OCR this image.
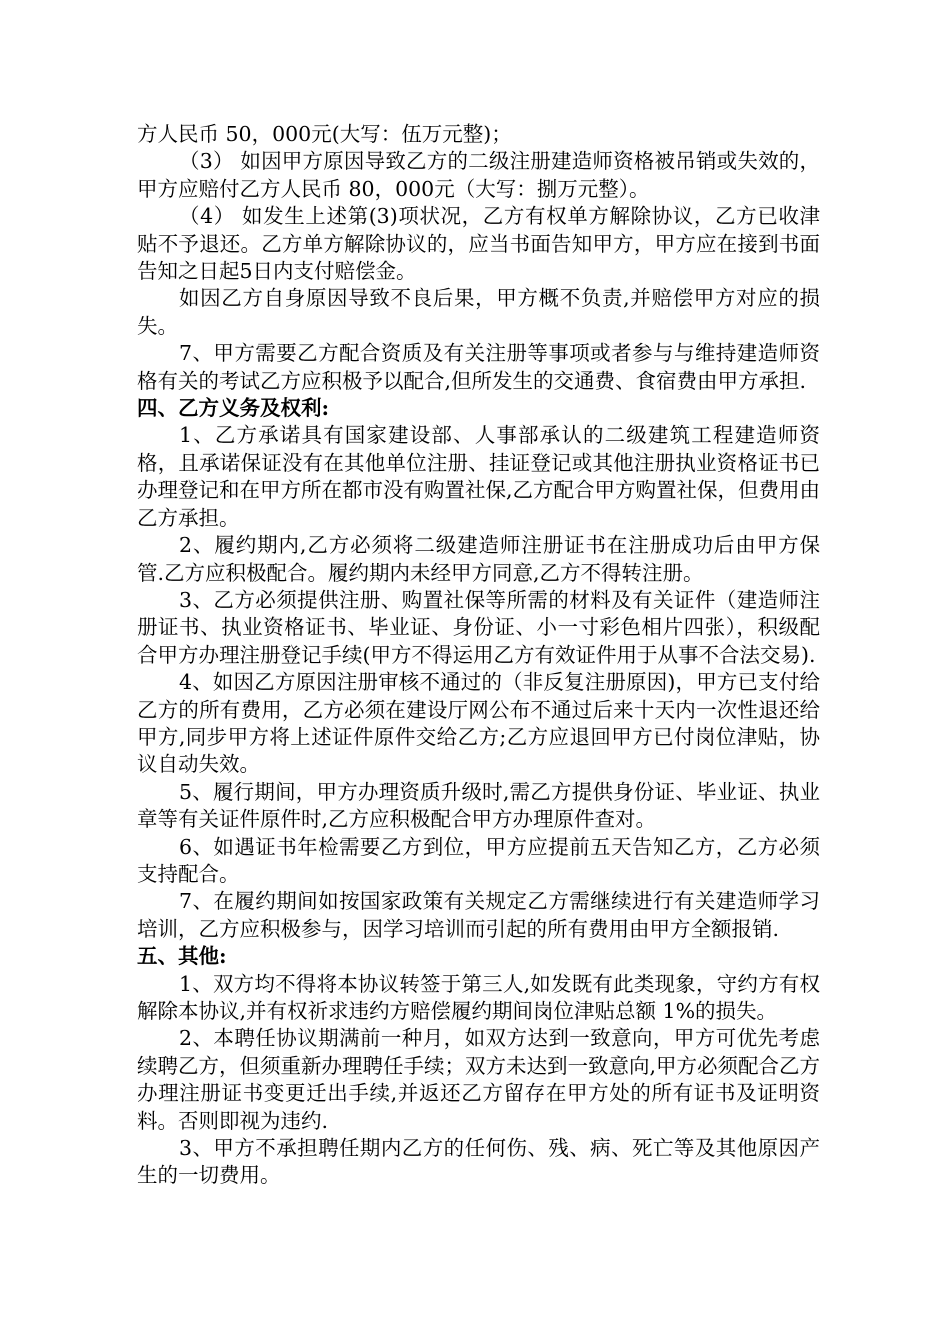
方人民币 50，000元(大写：伍万元整)；

（3） 如因甲方原因导致乙方的二级注册建造师资格被吊销或失效的，甲方应赔付乙方人民币 80，000元（大写：捌万元整）。

（4） 如发生上述第(3)项状况，乙方有权单方解除协议，乙方已收津贴不予退还。乙方单方解除协议的，应当书面告知甲方，甲方应在接到书面告知之日起5日内支付赔偿金。

如因乙方自身原因导致不良后果，甲方概不负责,并赔偿甲方对应的损失。

7、甲方需要乙方配合资质及有关注册等事项或者参与与维持建造师资格有关的考试乙方应积极予以配合,但所发生的交通费、食宿费由甲方承担.

四、乙方义务及权利:

1、乙方承诺具有国家建设部、人事部承认的二级建筑工程建造师资格，且承诺保证没有在其他单位注册、挂证登记或其他注册执业资格证书已办理登记和在甲方所在都市没有购置社保,乙方配合甲方购置社保，但费用由乙方承担。

2、履约期内,乙方必须将二级建造师注册证书在注册成功后由甲方保管.乙方应积极配合。履约期内未经甲方同意,乙方不得转注册。

3、乙方必须提供注册、购置社保等所需的材料及有关证件（建造师注册证书、执业资格证书、毕业证、身份证、小一寸彩色相片四张），积级配合甲方办理注册登记手续(甲方不得运用乙方有效证件用于从事不合法交易).

4、如因乙方原因注册审核不通过的（非反复注册原因)，甲方已支付给乙方的所有费用，乙方必须在建设厅网公布不通过后来十天内一次性退还给甲方,同步甲方将上述证件原件交给乙方;乙方应退回甲方已付岗位津贴，协议自动失效。

5、履行期间，甲方办理资质升级时,需乙方提供身份证、毕业证、执业章等有关证件原件时,乙方应积极配合甲方办理原件查对。

6、如遇证书年检需要乙方到位，甲方应提前五天告知乙方，乙方必须支持配合。

7、在履约期间如按国家政策有关规定乙方需继续进行有关建造师学习培训，乙方应积极参与，因学习培训而引起的所有费用由甲方全额报销.

五、其他:

1、双方均不得将本协议转签于第三人,如发既有此类现象，守约方有权解除本协议,并有权祈求违约方赔偿履约期间岗位津贴总额 1%的损失。

2、本聘任协议期满前一种月，如双方达到一致意向，甲方可优先考虑续聘乙方，但须重新办理聘任手续；双方未达到一致意向,甲方必须配合乙方办理注册证书变更迁出手续,并返还乙方留存在甲方处的所有证书及证明资料。否则即视为违约.

3、甲方不承担聘任期内乙方的任何伤、残、病、死亡等及其他原因产生的一切费用。
